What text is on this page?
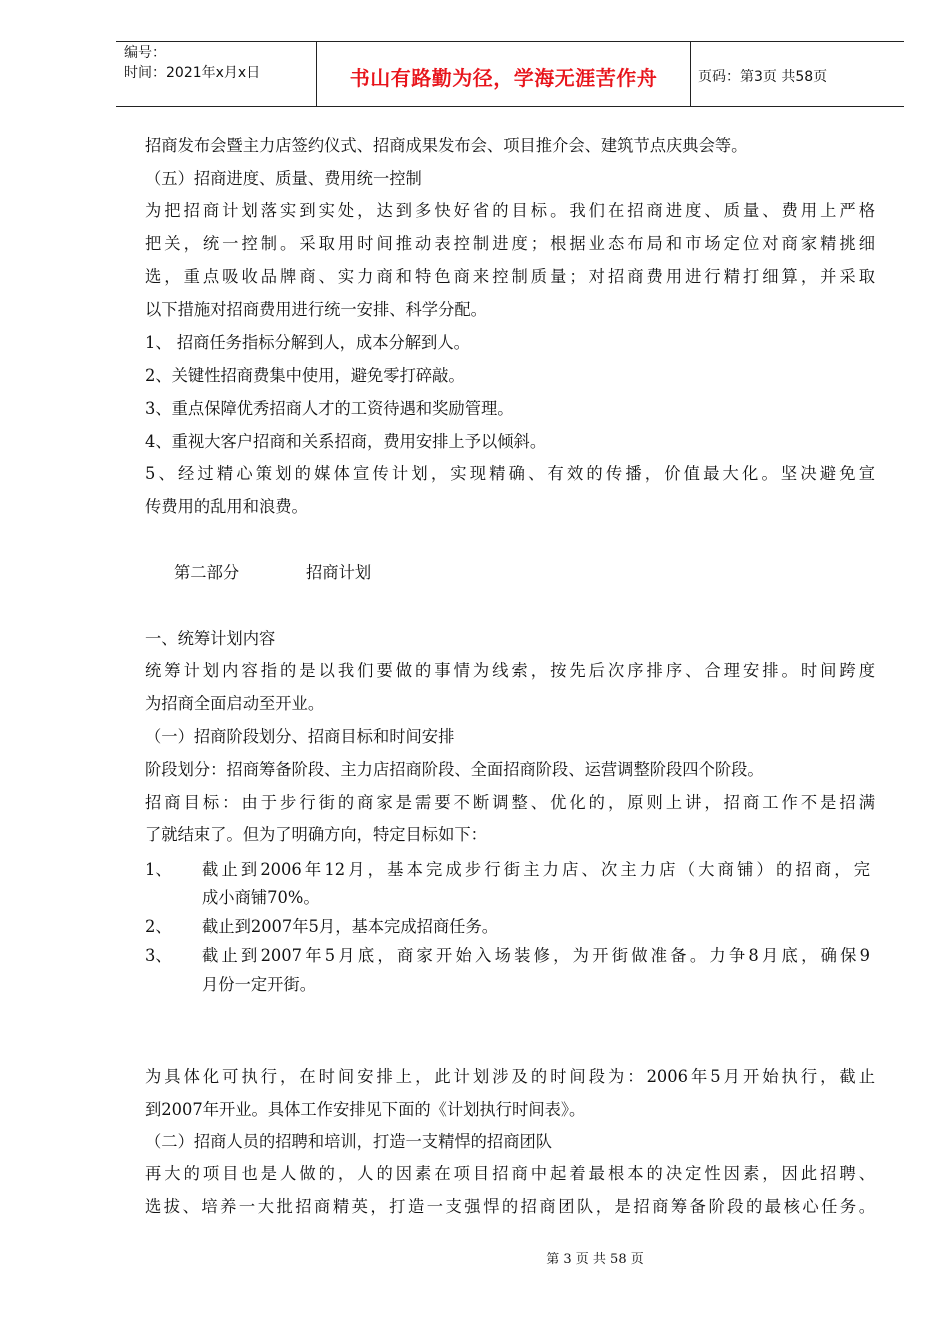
编号：
时间：2021年x月x日	书山有路勤为径，学海无涯苦作舟	页码：第3页 共58页
招商发布会暨主力店签约仪式、招商成果发布会、项目推介会、建筑节点庆典会等。
（五）招商进度、质量、费用统一控制
为把招商计划落实到实处，达到多快好省的目标。我们在招商进度、质量、费用上严格
把关，统一控制。采取用时间推动表控制进度；根据业态布局和市场定位对商家精挑细
选，重点吸收品牌商、实力商和特色商来控制质量；对招商费用进行精打细算，并采取
以下措施对招商费用进行统一安排、科学分配。
1、 招商任务指标分解到人，成本分解到人。
2、关键性招商费集中使用，避免零打碎敲。
3、重点保障优秀招商人才的工资待遇和奖励管理。
4、重视大客户招商和关系招商，费用安排上予以倾斜。
5、经过精心策划的媒体宣传计划，实现精确、有效的传播，价值最大化。坚决避免宣
传费用的乱用和浪费。
第二部分	招商计划
一、统筹计划内容
统筹计划内容指的是以我们要做的事情为线索，按先后次序排序、合理安排。时间跨度
为招商全面启动至开业。
（一）招商阶段划分、招商目标和时间安排
阶段划分：招商筹备阶段、主力店招商阶段、全面招商阶段、运营调整阶段四个阶段。
招商目标：由于步行街的商家是需要不断调整、优化的，原则上讲，招商工作不是招满
了就结束了。但为了明确方向，特定目标如下：
1、 截止到2006年12月，基本完成步行街主力店、次主力店（大商铺）的招商，完
成小商铺70%。
2、 截止到2007年5月，基本完成招商任务。
3、 截止到2007年5月底，商家开始入场装修，为开街做准备。力争8月底，确保9
月份一定开街。
为具体化可执行，在时间安排上，此计划涉及的时间段为：2006年5月开始执行，截止
到2007年开业。具体工作安排见下面的《计划执行时间表》。
（二）招商人员的招聘和培训，打造一支精悍的招商团队
再大的项目也是人做的，人的因素在项目招商中起着最根本的决定性因素，因此招聘、
选拔、培养一大批招商精英，打造一支强悍的招商团队，是招商筹备阶段的最核心任务。
第 3 页 共 58 页
